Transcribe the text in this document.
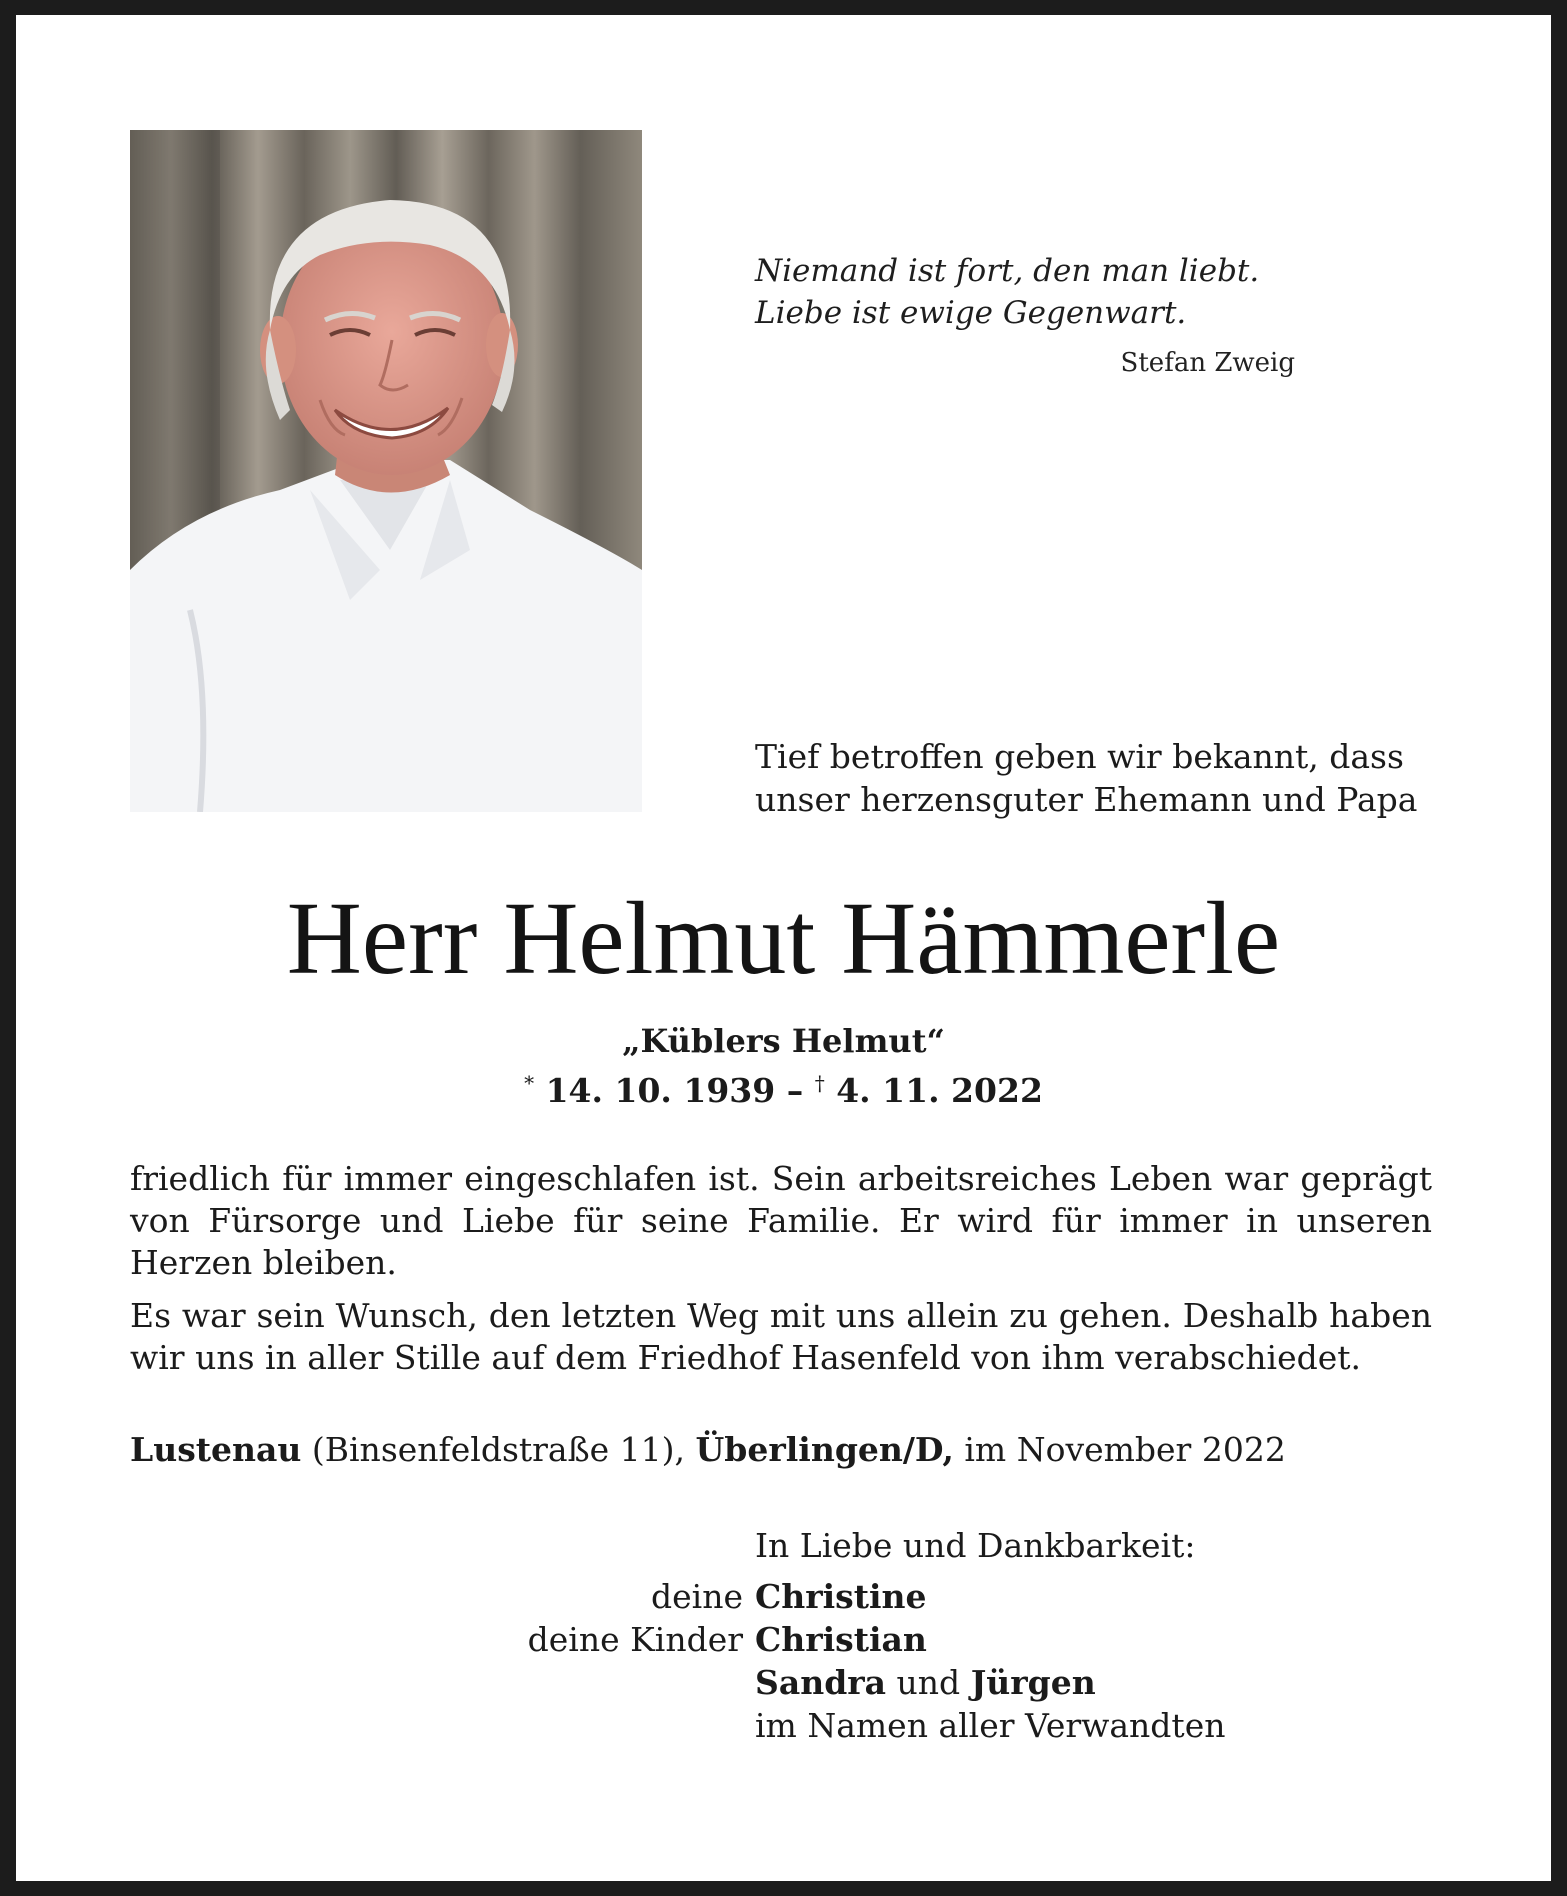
Niemand ist fort, den man liebt.
Liebe ist ewige Gegenwart.
Stefan Zweig
Tief betroffen geben wir bekannt, dass
unser herzensguter Ehemann und Papa
Herr Helmut Hämmerle
„Küblers Helmut“
* 14. 10. 1939 – † 4. 11. 2022
friedlich für immer eingeschlafen ist. Sein arbeitsreiches Leben war geprägt von Fürsorge und Liebe für seine Familie. Er wird für immer in unseren Herzen bleiben.
Es war sein Wunsch, den letzten Weg mit uns allein zu gehen. Deshalb haben wir uns in aller Stille auf dem Friedhof Hasenfeld von ihm verabschiedet.
Lustenau (Binsenfeldstraße 11), Überlingen/D, im November 2022
In Liebe und Dankbarkeit:
deine
deine Kinder
Christine
Christian
Sandra und Jürgen
im Namen aller Verwandten
